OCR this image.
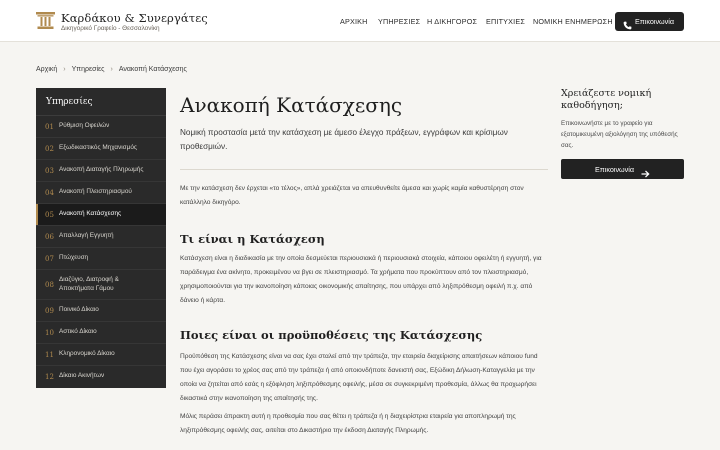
Καρδάκου & Συνεργάτες
Δικηγορικό Γραφείο - Θεσσαλονίκη
ΑΡΧΙΚΗ ΥΠΗΡΕΣΙΕΣ Η ΔΙΚΗΓΟΡΟΣ ΕΠΙΤΥΧΙΕΣ ΝΟΜΙΚΗ ΕΝΗΜΕΡΩΣΗ	Επικοινωνία
Αρχική › Υπηρεσίες › Ανακοπή Κατάσχεσης
Υπηρεσίες
01 Ρύθμιση Οφειλών
02 Εξωδικαστικός Μηχανισμός
03 Ανακοπή Διαταγής Πληρωμής
04 Ανακοπή Πλειστηριασμού
05 Ανακοπή Κατάσχεσης
06 Απαλλαγή Εγγυητή
07 Πτώχευση
08
Διαζύγιο, Διατροφή & Αποκτήματα Γάμου
09 Ποινικό Δίκαιο
10 Αστικό Δίκαιο
11 Κληρονομικό Δίκαιο
12 Δίκαιο Ακινήτων
Ανακοπή Κατάσχεσης
Νομική προστασία μετά την κατάσχεση με άμεσο έλεγχο πράξεων, εγγράφων και κρίσιμων προθεσμιών.
Με την κατάσχεση δεν έρχεται «το τέλος», απλά χρειάζεται να απευθυνθείτε άμεσα και χωρίς καμία καθυστέρηση στον κατάλληλο δικηγόρο.
Τι είναι η Κατάσχεση
Κατάσχεση είναι η διαδικασία με την οποία δεσμεύεται περιουσιακά ή περιουσιακά στοιχεία, κάποιου οφειλέτη ή εγγυητή, για παράδειγμα ένα ακίνητο, προκειμένου να βγει σε πλειστηριασμό. Τα χρήματα που προκύπτουν από τον πλειστηριασμό, χρησιμοποιούνται για την ικανοποίηση κάποιας οικονομικής απαίτησης, που υπάρχει από ληξιπρόθεσμη οφειλή π.χ. από δάνειο ή κάρτα.
Ποιες είναι οι προϋποθέσεις της Κατάσχεσης
Προϋπόθεση της Κατάσχεσης είναι να σας έχει σταλεί από την τράπεζα, την εταιρεία διαχείρισης απαιτήσεων κάποιου fund που έχει αγοράσει το χρέος σας από την τράπεζα ή από οποιονδήποτε δανειστή σας, Εξώδικη Δήλωση-Καταγγελία με την οποία να ζητείται από εσάς η εξόφληση ληξιπρόθεσμης οφειλής, μέσα σε συγκεκριμένη προθεσμία, άλλως θα προχωρήσει δικαστικά στην ικανοποίηση της απαίτησής της.
Μόλις περάσει άπρακτη αυτή η προθεσμία που σας θέτει η τράπεζα ή η διαχειρίστρια εταιρεία για αποπληρωμή της ληξιπρόθεσμης οφειλής σας, αιτείται στο Δικαστήριο την έκδοση Διαταγής Πληρωμής.
Χρειάζεστε νομική καθοδήγηση;
Επικοινωνήστε με το γραφείο για εξατομικευμένη αξιολόγηση της υπόθεσής σας.
Επικοινωνία
